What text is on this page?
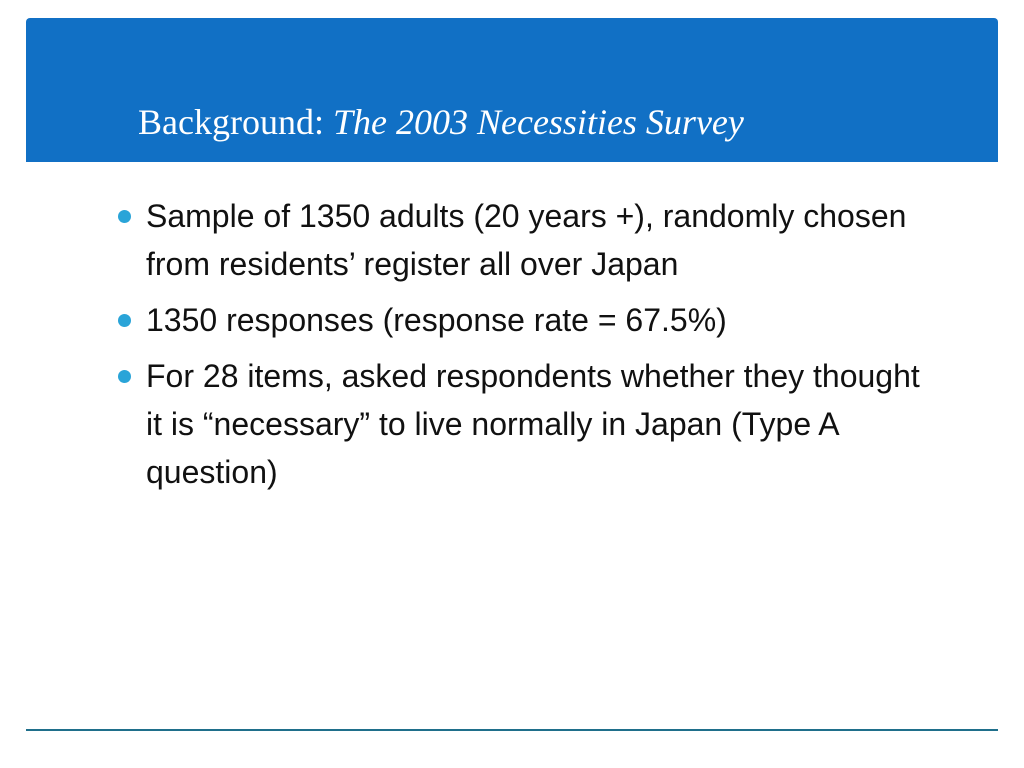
Background: The 2003 Necessities Survey
Sample of 1350 adults (20 years +), randomly chosen from residents’ register all over Japan
1350 responses (response rate = 67.5%)
For 28 items, asked respondents whether they thought it is “necessary” to live normally in Japan (Type A question)
